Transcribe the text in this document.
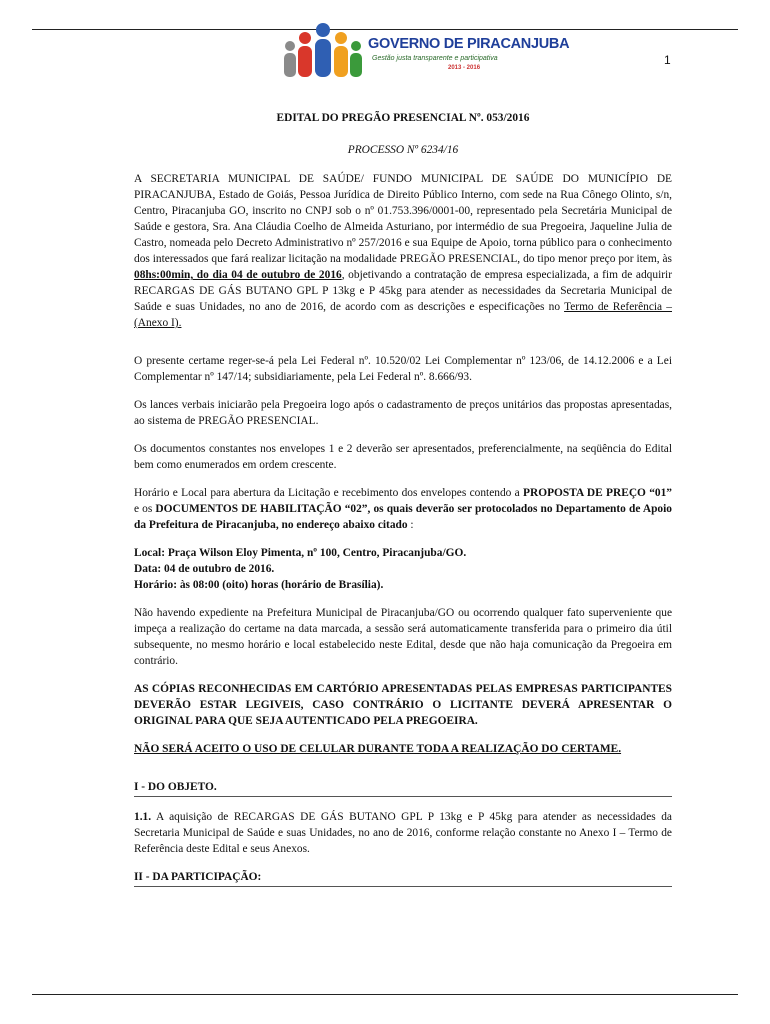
GOVERNO DE PIRACANJUBA
Gestão justa transparente e participativa
2013 - 2016
1

EDITAL DO PREGÃO PRESENCIAL Nº. 053/2016

PROCESSO Nº 6234/16

A SECRETARIA MUNICIPAL DE SAÚDE/ FUNDO MUNICIPAL DE SAÚDE DO MUNICÍPIO DE PIRACANJUBA, Estado de Goiás, Pessoa Jurídica de Direito Público Interno, com sede na Rua Cônego Olinto, s/n, Centro, Piracanjuba GO, inscrito no CNPJ sob o nº 01.753.396/0001-00, representado pela Secretária Municipal de Saúde e gestora, Sra. Ana Cláudia Coelho de Almeida Asturiano, por intermédio de sua Pregoeira, Jaqueline Julia de Castro, nomeada pelo Decreto Administrativo nº 257/2016 e sua Equipe de Apoio, torna público para o conhecimento dos interessados que fará realizar licitação na modalidade PREGÃO PRESENCIAL, do tipo menor preço por item, às 08hs:00min, do dia 04 de outubro de 2016, objetivando a contratação de empresa especializada, a fim de adquirir RECARGAS DE GÁS BUTANO GPL P 13kg e P 45kg para atender as necessidades da Secretaria Municipal de Saúde e suas Unidades, no ano de 2016, de acordo com as descrições e especificações no Termo de Referência – (Anexo I).

O presente certame reger-se-á pela Lei Federal nº. 10.520/02 Lei Complementar nº 123/06, de 14.12.2006 e a Lei Complementar nº 147/14; subsidiariamente, pela Lei Federal nº. 8.666/93.

Os lances verbais iniciarão pela Pregoeira logo após o cadastramento de preços unitários das propostas apresentadas, ao sistema de PREGÃO PRESENCIAL.

Os documentos constantes nos envelopes 1 e 2 deverão ser apresentados, preferencialmente, na seqüência do Edital bem como enumerados em ordem crescente.

Horário e Local para abertura da Licitação e recebimento dos envelopes contendo a PROPOSTA DE PREÇO “01” e os DOCUMENTOS DE HABILITAÇÃO “02”, os quais deverão ser protocolados no Departamento de Apoio da Prefeitura de Piracanjuba, no endereço abaixo citado :

Local: Praça Wilson Eloy Pimenta, nº 100, Centro, Piracanjuba/GO.

Data: 04 de outubro de 2016.

Horário: às 08:00 (oito) horas (horário de Brasília).

Não havendo expediente na Prefeitura Municipal de Piracanjuba/GO ou ocorrendo qualquer fato superveniente que impeça a realização do certame na data marcada, a sessão será automaticamente transferida para o primeiro dia útil subsequente, no mesmo horário e local estabelecido neste Edital, desde que não haja comunicação da Pregoeira em contrário.

AS CÓPIAS RECONHECIDAS EM CARTÓRIO APRESENTADAS PELAS EMPRESAS PARTICIPANTES DEVERÃO ESTAR LEGIVEIS, CASO CONTRÁRIO O LICITANTE DEVERÁ APRESENTAR O ORIGINAL PARA QUE SEJA AUTENTICADO PELA PREGOEIRA.

NÃO SERÁ ACEITO O USO DE CELULAR DURANTE TODA A REALIZAÇÃO DO CERTAME.

I - DO OBJETO.

1.1. A aquisição de RECARGAS DE GÁS BUTANO GPL P 13kg e P 45kg para atender as necessidades da Secretaria Municipal de Saúde e suas Unidades, no ano de 2016, conforme relação constante no Anexo I – Termo de Referência deste Edital e seus Anexos.

II - DA PARTICIPAÇÃO:
